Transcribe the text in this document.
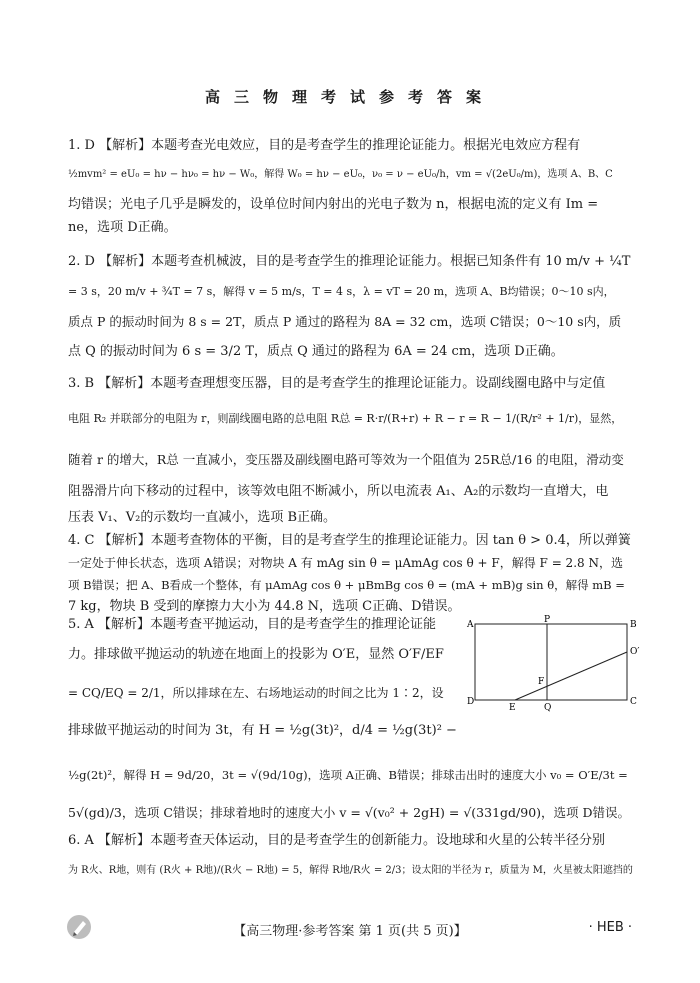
高三物理考试参考答案
1. D 【解析】本题考查光电效应，目的是考查学生的推理论证能力。根据光电效应方程有
½mvm² = eU₀ = hν − hν₀ = hν − W₀，解得 W₀ = hν − eU₀，ν₀ = ν − eU₀/h，vm = √(2eU₀/m)，选项 A、B、C
均错误；光电子几乎是瞬发的，设单位时间内射出的光电子数为 n，根据电流的定义有 Im =
ne，选项 D正确。
2. D 【解析】本题考查机械波，目的是考查学生的推理论证能力。根据已知条件有 10 m/v + ¼T
= 3 s，20 m/v + ¾T = 7 s，解得 v = 5 m/s，T = 4 s，λ = vT = 20 m，选项 A、B均错误；0～10 s内，
质点 P 的振动时间为 8 s = 2T，质点 P 通过的路程为 8A = 32 cm，选项 C错误；0～10 s内，质
点 Q 的振动时间为 6 s = 3/2 T，质点 Q 通过的路程为 6A = 24 cm，选项 D正确。
3. B 【解析】本题考查理想变压器，目的是考查学生的推理论证能力。设副线圈电路中与定值
电阻 R₂ 并联部分的电阻为 r，则副线圈电路的总电阻 R总 = R·r/(R+r) + R − r = R − 1/(R/r² + 1/r)，显然，
随着 r 的增大，R总 一直减小，变压器及副线圈电路可等效为一个阻值为 25R总/16 的电阻，滑动变
阻器滑片向下移动的过程中，该等效电阻不断减小，所以电流表 A₁、A₂的示数均一直增大，电
压表 V₁、V₂的示数均一直减小，选项 B正确。
4. C 【解析】本题考查物体的平衡，目的是考查学生的推理论证能力。因 tan θ > 0.4，所以弹簧
一定处于伸长状态，选项 A错误；对物块 A 有 mAg sin θ = μAmAg cos θ + F，解得 F = 2.8 N，选
项 B错误；把 A、B看成一个整体，有 μAmAg cos θ + μBmBg cos θ = (mA + mB)g sin θ，解得 mB =
7 kg，物块 B 受到的摩擦力大小为 44.8 N，选项 C正确、D错误。
5. A 【解析】本题考查平抛运动，目的是考查学生的推理论证能
力。排球做平抛运动的轨迹在地面上的投影为 O′E，显然 O′F/EF
= CQ/EQ = 2/1，所以排球在左、右场地运动的时间之比为 1∶2，设
排球做平抛运动的时间为 3t，有 H = ½g(3t)²，d/4 = ½g(3t)² −
½g(2t)²，解得 H = 9d/20，3t = √(9d/10g)，选项 A正确、B错误；排球击出时的速度大小 v₀ = O′E/3t =
5√(gd)/3，选项 C错误；排球着地时的速度大小 v = √(v₀² + 2gH) = √(331gd/90)，选项 D错误。
A	P	B
O′
F
D
E	Q
C
6. A 【解析】本题考查天体运动，目的是考查学生的创新能力。设地球和火星的公转半径分别
为 R火、R地，则有 (R火 + R地)/(R火 − R地) = 5，解得 R地/R火 = 2/3；设太阳的半径为 r，质量为 M，火星被太阳遮挡的
【高三物理·参考答案 第 1 页(共 5 页)】	· HEB ·
